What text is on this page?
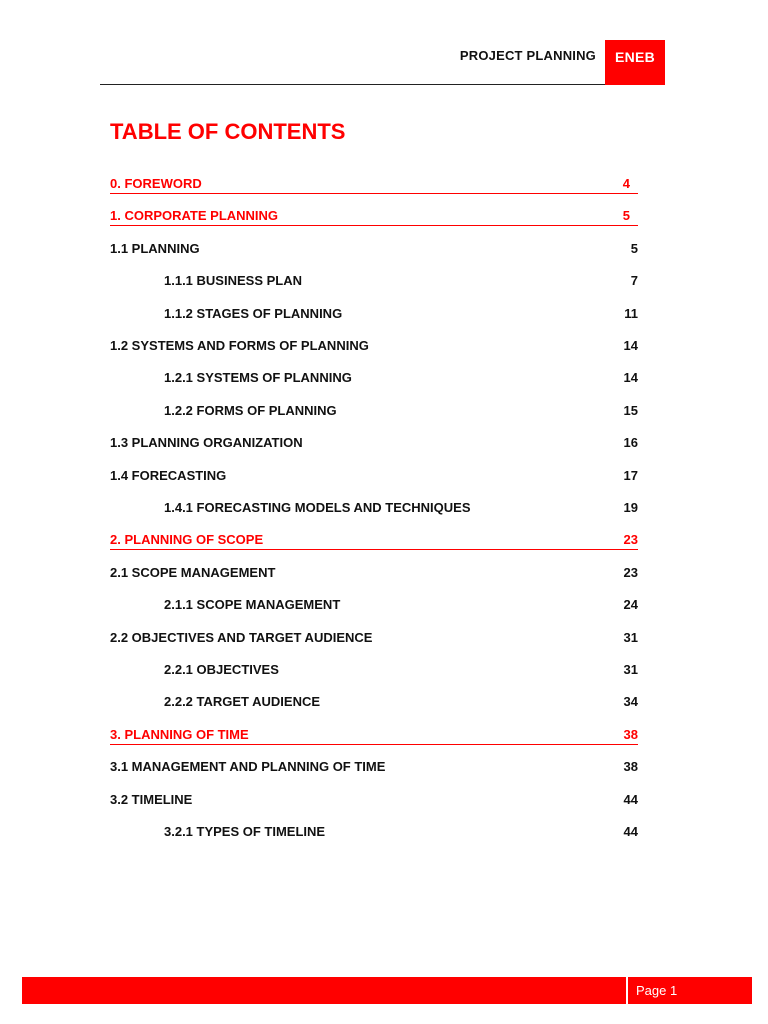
PROJECT PLANNING	ENEB
TABLE OF CONTENTS
0. FOREWORD	4
1. CORPORATE PLANNING	5
1.1 PLANNING	5
1.1.1 BUSINESS PLAN	7
1.1.2 STAGES OF PLANNING	11
1.2 SYSTEMS AND FORMS OF PLANNING	14
1.2.1 SYSTEMS OF PLANNING	14
1.2.2 FORMS OF PLANNING	15
1.3 PLANNING ORGANIZATION	16
1.4 FORECASTING	17
1.4.1 FORECASTING MODELS AND TECHNIQUES	19
2. PLANNING OF SCOPE	23
2.1 SCOPE MANAGEMENT	23
2.1.1 SCOPE MANAGEMENT	24
2.2 OBJECTIVES AND TARGET AUDIENCE	31
2.2.1 OBJECTIVES	31
2.2.2 TARGET AUDIENCE	34
3. PLANNING OF TIME	38
3.1 MANAGEMENT AND PLANNING OF TIME	38
3.2 TIMELINE	44
3.2.1 TYPES OF TIMELINE	44
Page 1
